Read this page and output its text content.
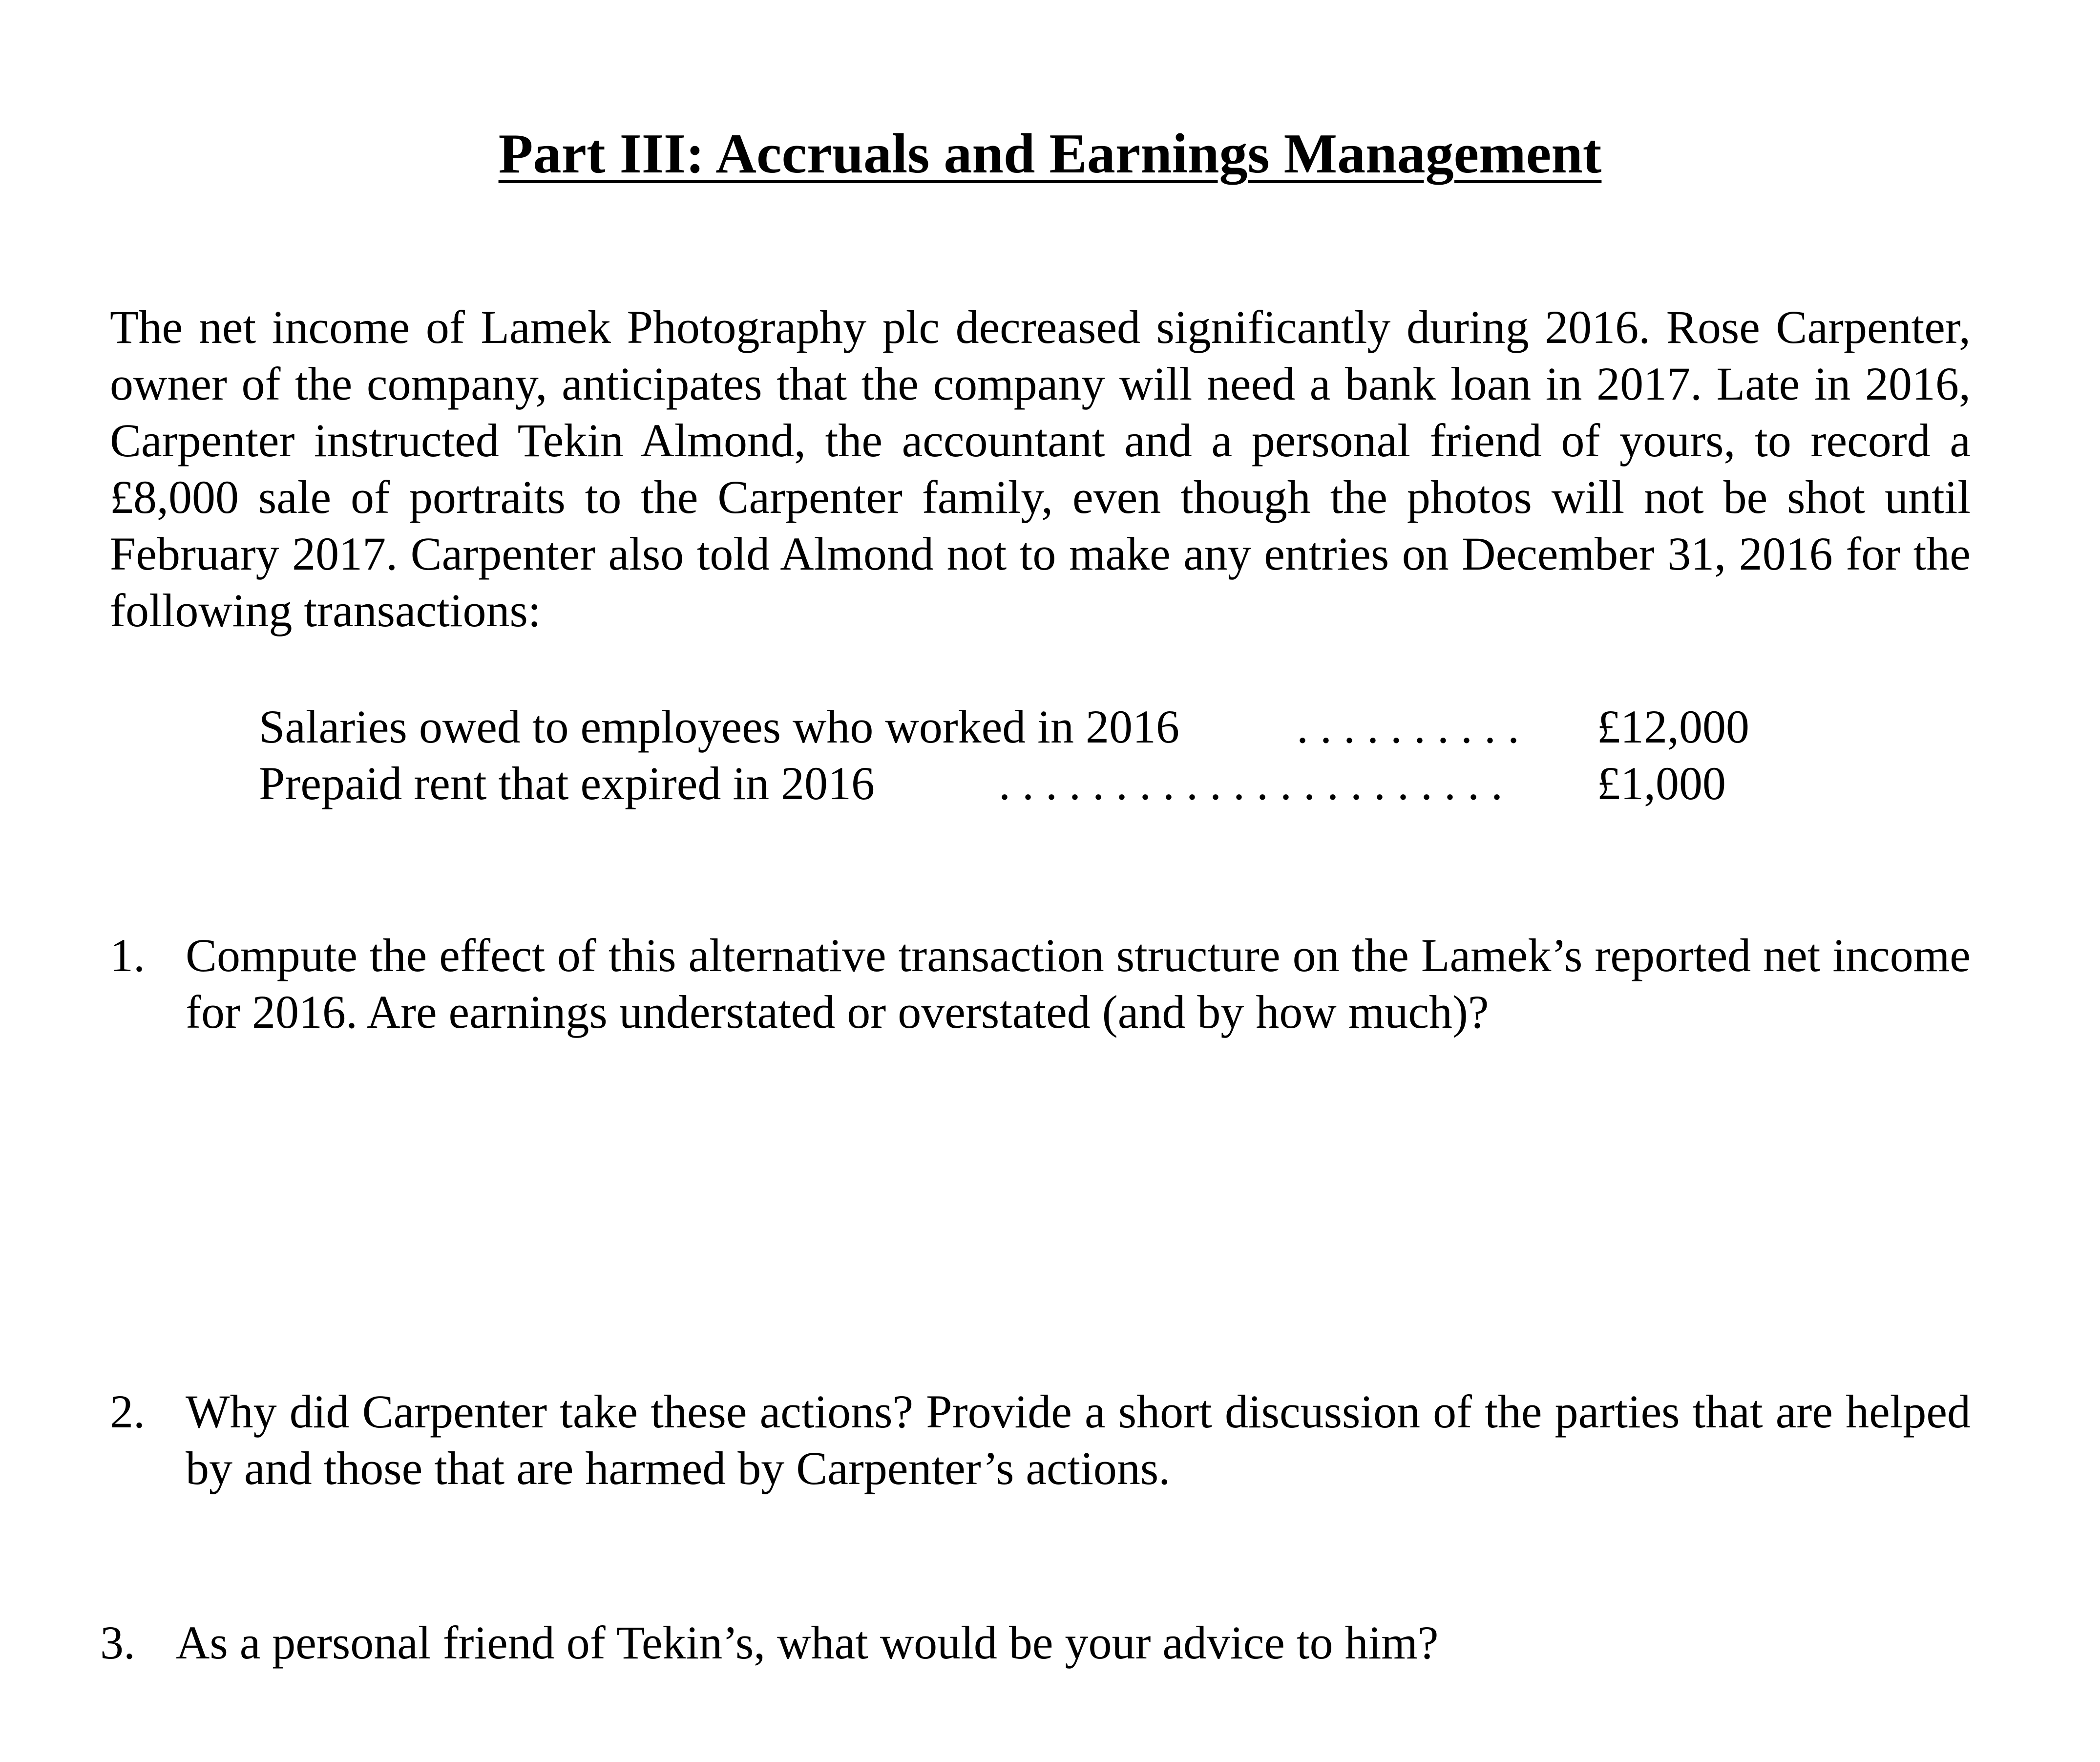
Part III: Accruals and Earnings Management

The net income of Lamek Photography plc decreased significantly during 2016. Rose Carpenter, owner of the company, anticipates that the company will need a bank loan in 2017. Late in 2016, Carpenter instructed Tekin Almond, the accountant and a personal friend of yours, to record a £8,000 sale of portraits to the Carpenter family, even though the photos will not be shot until February 2017. Carpenter also told Almond not to make any entries on December 31, 2016 for the following transactions:

Salaries owed to employees who worked in 2016	. . . . . . . . . . £12,000
Prepaid rent that expired in 2016	. . . . . . . . . . . . . . . . . . . . . . £1,000
1. Compute the effect of this alternative transaction structure on the Lamek’s reported net income for 2016. Are earnings understated or overstated (and by how much)?
2. Why did Carpenter take these actions? Provide a short discussion of the parties that are helped by and those that are harmed by Carpenter’s actions.
3. As a personal friend of Tekin’s, what would be your advice to him?
